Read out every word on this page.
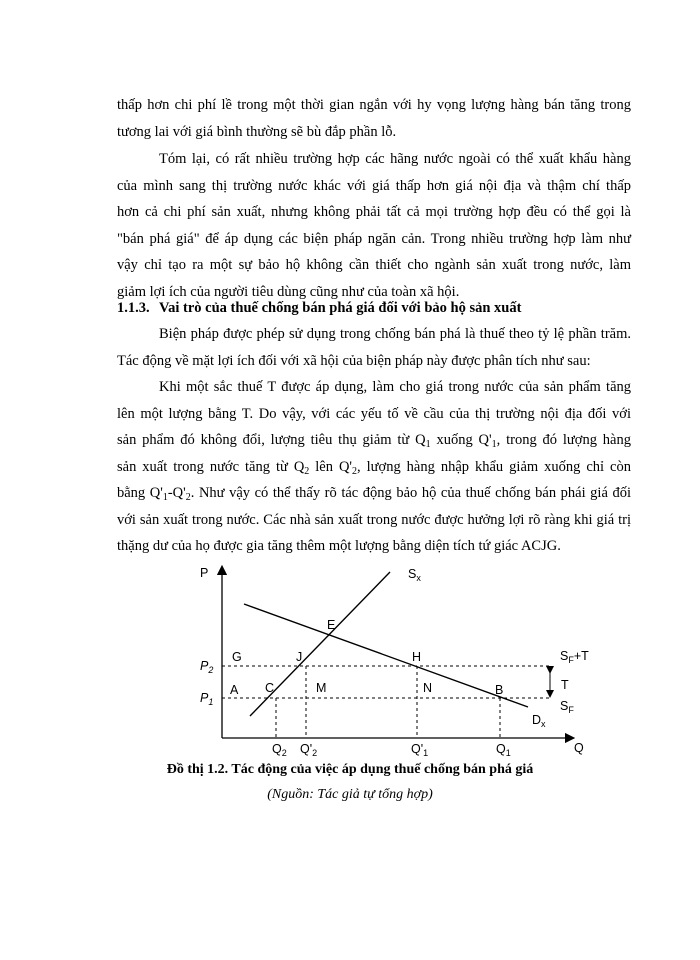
thấp hơn chi phí lề trong một thời gian ngắn với hy vọng lượng hàng bán tăng trong
tương lai với giá bình thường sẽ bù đắp phần lỗ.
Tóm lại, có rất nhiều trường hợp các hãng nước ngoài có thể xuất khẩu hàng
của mình sang thị trường nước khác với giá thấp hơn giá nội địa và thậm chí thấp
hơn cả chi phí sản xuất, nhưng không phải tất cả mọi trường hợp đều có thể gọi là
"bán phá giá" để áp dụng các biện pháp ngăn cản. Trong nhiều trường hợp làm như
vậy chỉ tạo ra một sự bảo hộ không cần thiết cho ngành sản xuất trong nước, làm
giảm lợi ích của người tiêu dùng cũng như của toàn xã hội.
1.1.3. Vai trò của thuế chống bán phá giá đối với bảo hộ sản xuất
Biện pháp được phép sử dụng trong chống bán phá là thuế theo tỷ lệ phần trăm.
Tác động về mặt lợi ích đối với xã hội của biện pháp này được phân tích như sau:
Khi một sắc thuế T được áp dụng, làm cho giá trong nước của sản phẩm tăng
lên một lượng bằng T. Do vậy, với các yếu tố về cầu của thị trường nội địa đối với
sản phẩm đó không đổi, lượng tiêu thụ giảm từ $Q_1$ xuống $Q'_1$, trong đó lượng hàng
sản xuất trong nước tăng từ $Q_2$ lên $Q'_2$, lượng hàng nhập khẩu giảm xuống chỉ còn
bằng $Q'_1-Q'_2$. Như vậy có thể thấy rõ tác động bảo hộ của thuế chống bán phái giá đối
với sản xuất trong nước. Các nhà sản xuất trong nước được hưởng lợi rõ ràng khi giá trị
thặng dư của họ được gia tăng thêm một lượng bằng diện tích tứ giác ACJG.
P
Q
$S_x$
$D_x$
$S_F+T$
$S_F$
T
$P_2$
$P_1$
$Q_2$ $Q'_2$	$Q'_1$	$Q_1$
A C
J
G
E
H
M	N	B
Đồ thị 1.2. Tác động của việc áp dụng thuế chống bán phá giá
(Nguồn: Tác giả tự tổng hợp)
